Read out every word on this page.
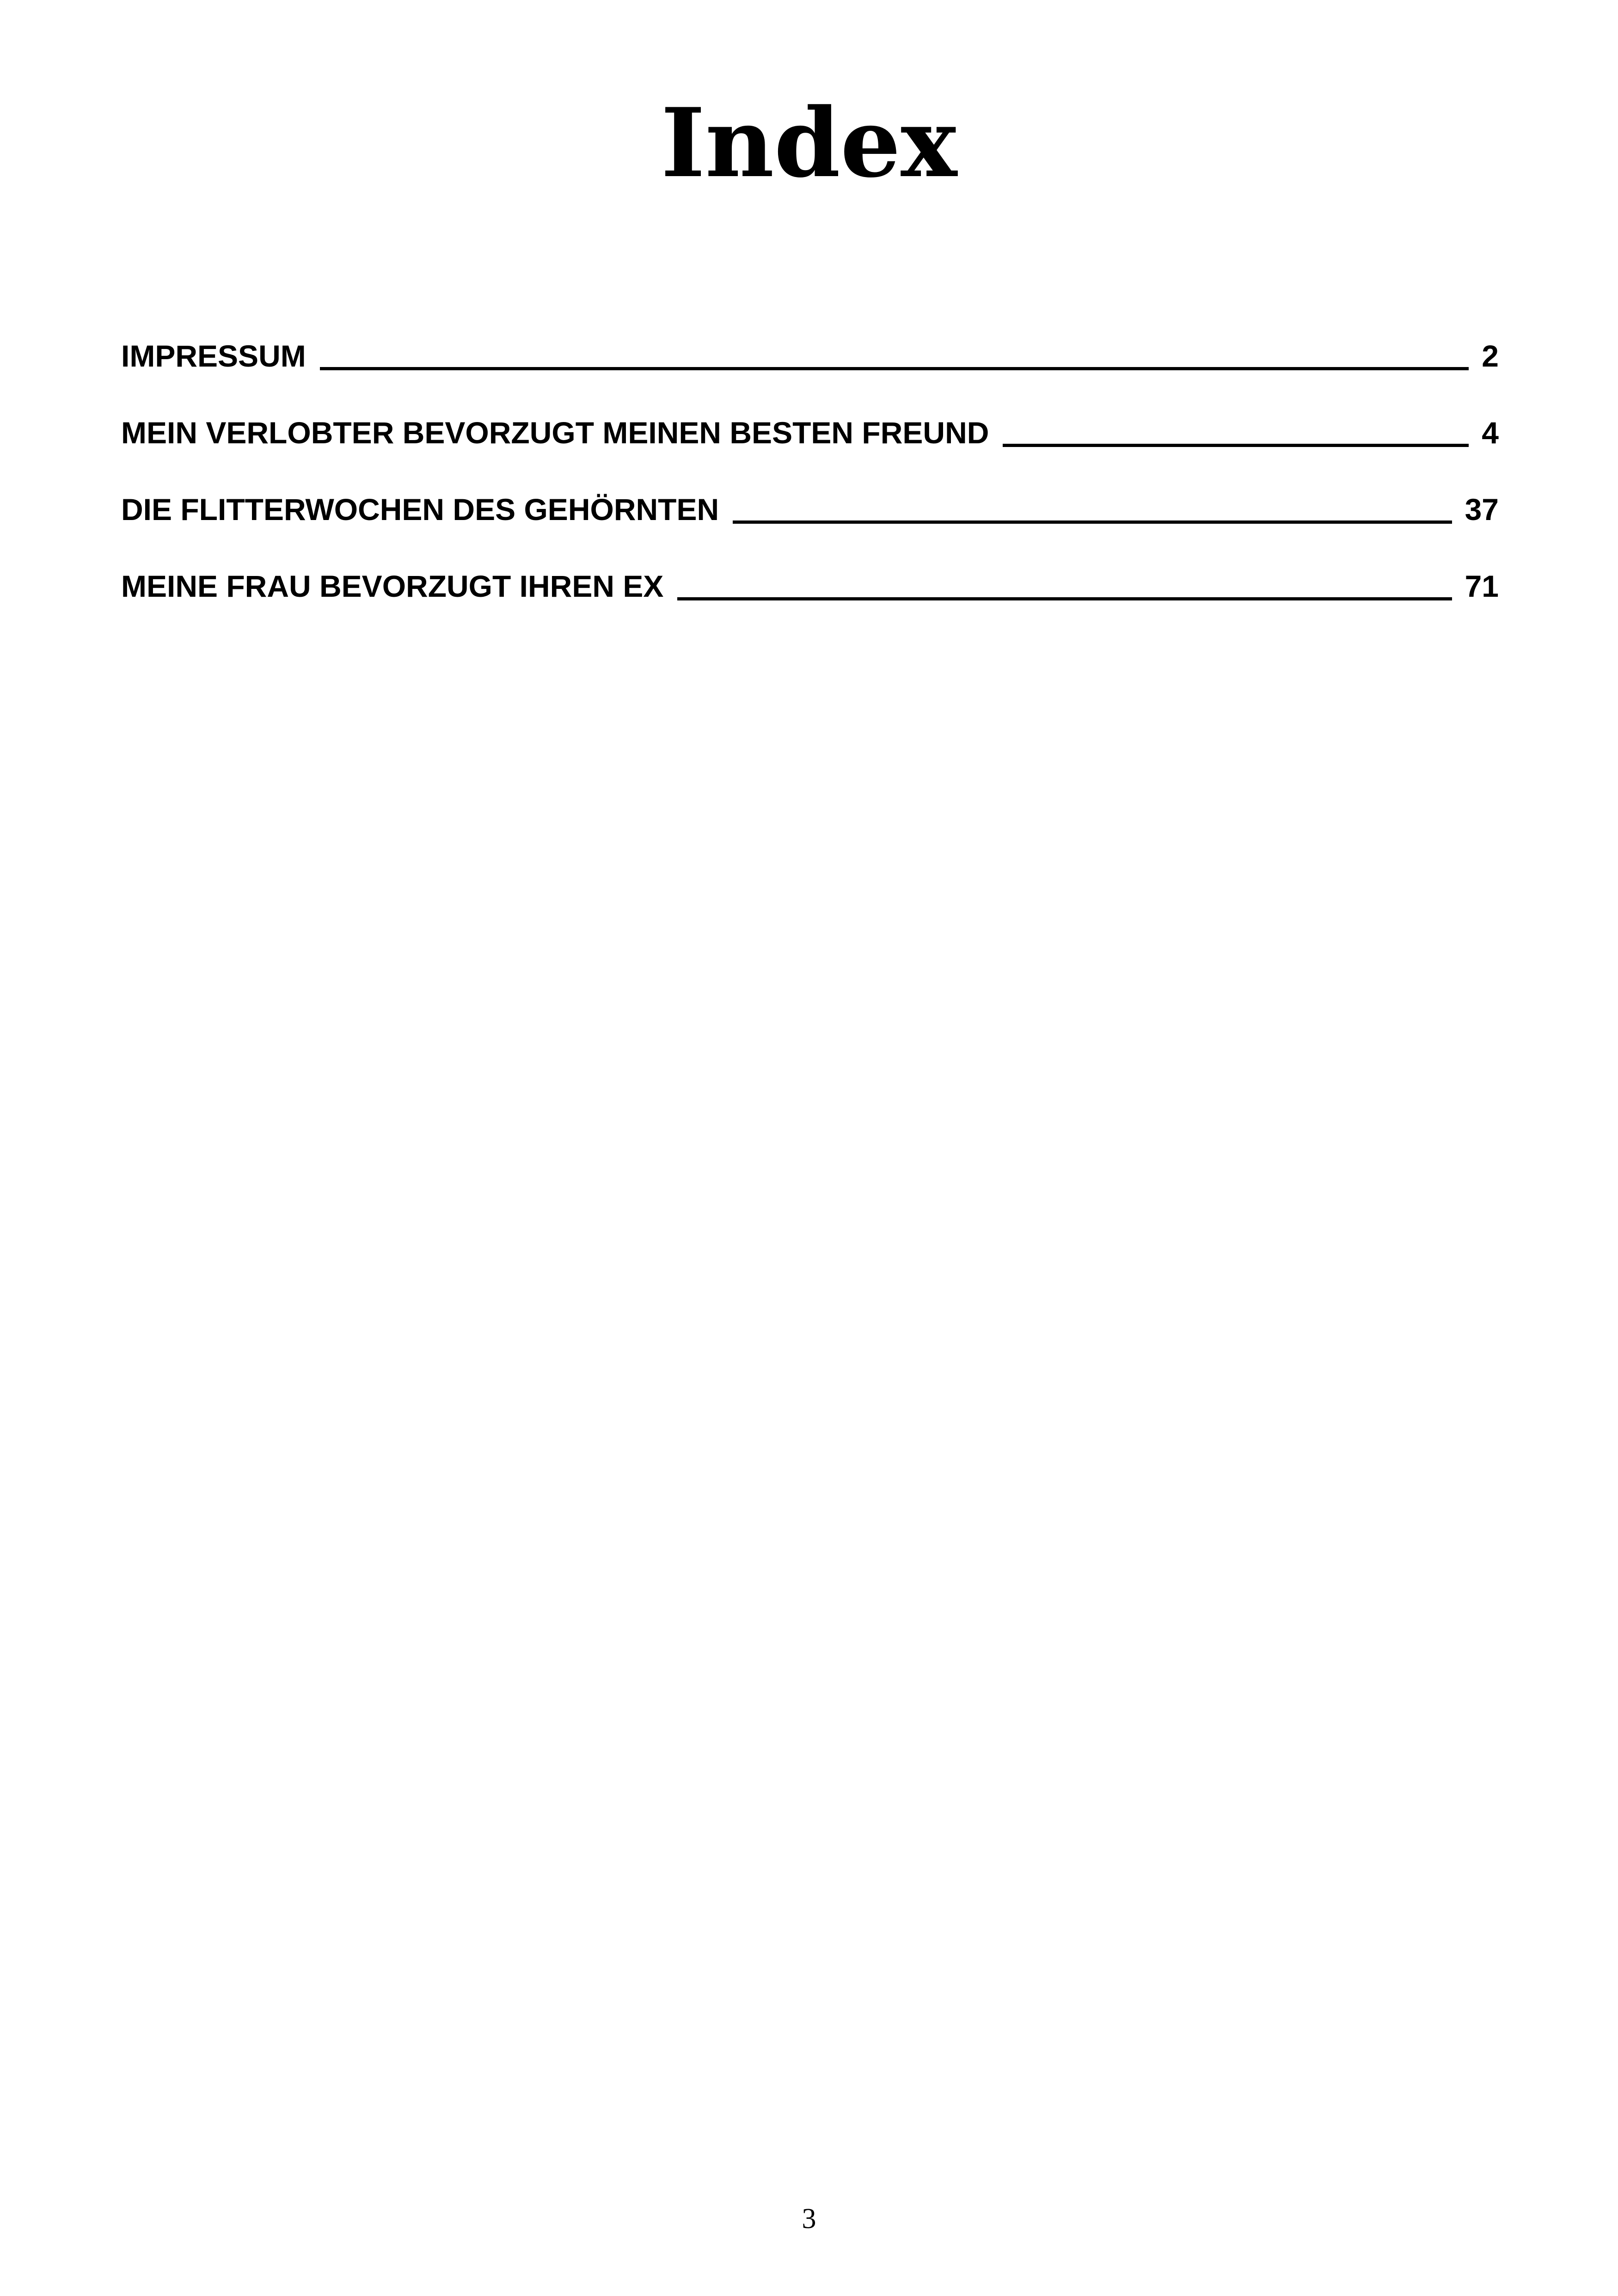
Index
IMPRESSUM	2
MEIN VERLOBTER BEVORZUGT MEINEN BESTEN FREUND	4
DIE FLITTERWOCHEN DES GEHÖRNTEN	37
MEINE FRAU BEVORZUGT IHREN EX	71
3
